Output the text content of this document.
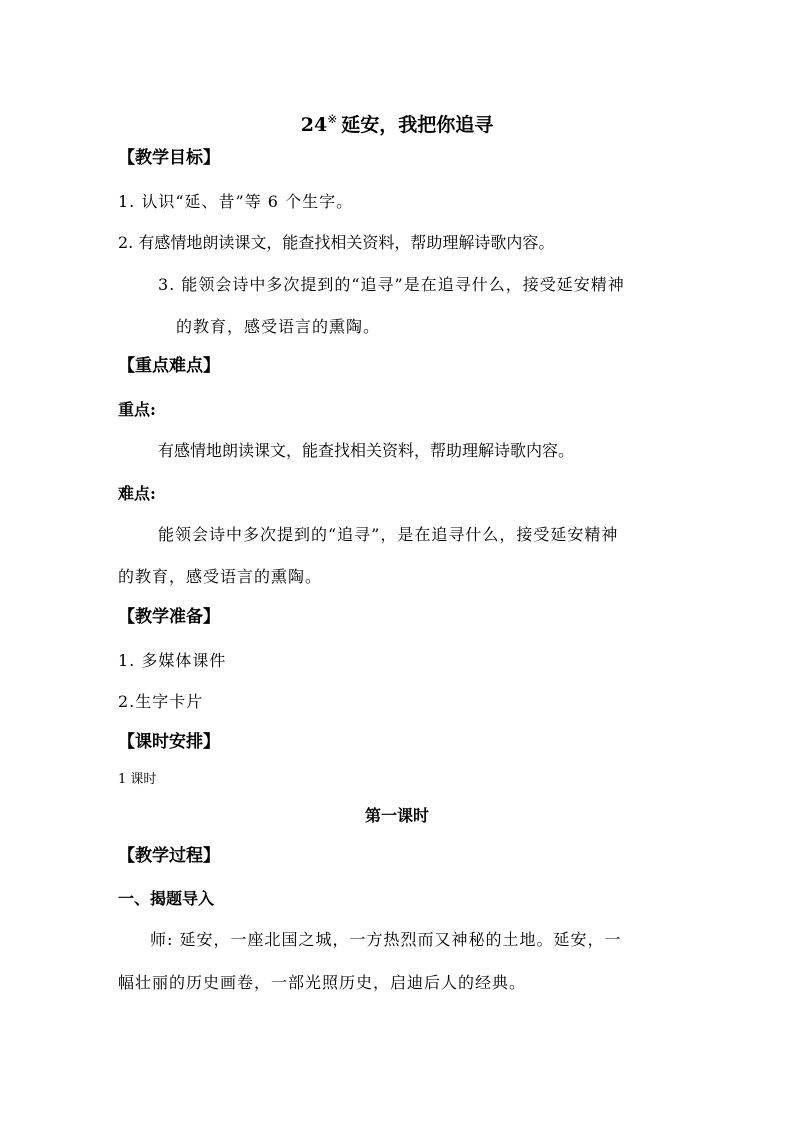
24※ 延安，我把你追寻
【教学目标】
1. 认识“延、昔”等 6 个生字。
2. 有感情地朗读课文，能查找相关资料，帮助理解诗歌内容。
3. 能领会诗中多次提到的“追寻”是在追寻什么，接受延安精神
的教育，感受语言的熏陶。
【重点难点】
重点:
有感情地朗读课文，能查找相关资料，帮助理解诗歌内容。
难点:
能领会诗中多次提到的“追寻”，是在追寻什么，接受延安精神
的教育，感受语言的熏陶。
【教学准备】
1. 多媒体课件
2.生字卡片
【课时安排】
1 课时
第一课时
【教学过程】
一、揭题导入
师: 延安，一座北国之城，一方热烈而又神秘的土地。延安，一
幅壮丽的历史画卷，一部光照历史，启迪后人的经典。
